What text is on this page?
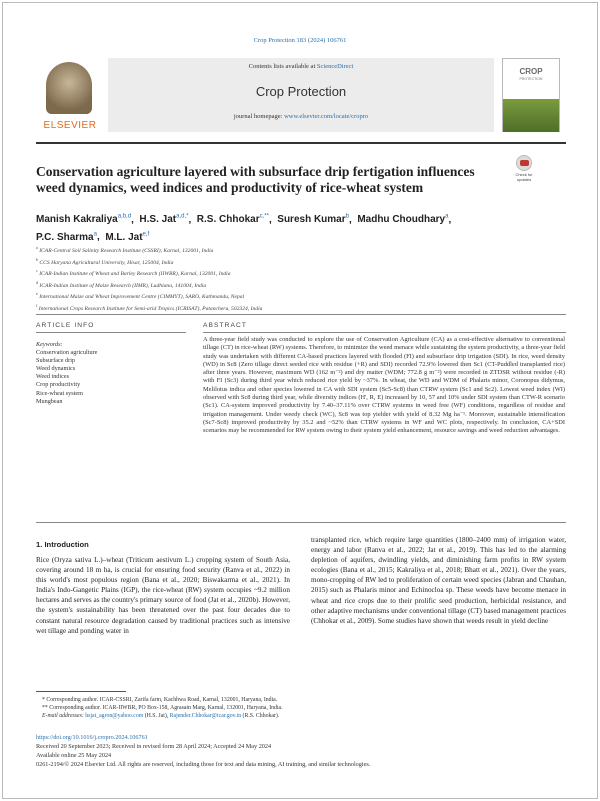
Crop Protection 183 (2024) 106761
ELSEVIER
Contents lists available at ScienceDirect
Crop Protection
journal homepage: www.elsevier.com/locate/cropro
CROP
PROTECTION
Conservation agriculture layered with subsurface drip fertigation influences weed dynamics, weed indices and productivity of rice-wheat system
Check for updates
Manish Kakraliya$^{a,b,d}$,  H.S. Jat$^{a,d,*}$,  R.S. Chhokar$^{c,**}$,  Suresh Kumar$^b$,  Madhu Choudhary$^a$,
P.C. Sharma$^a$,  M.L. Jat$^{e,f}$
$^a$ ICAR-Central Soil Salinity Research Institute (CSSRI), Karnal, 132001, India
$^b$ CCS Haryana Agricultural University, Hisar, 125004, India
$^c$ ICAR-Indian Institute of Wheat and Barley Research (IIWBR), Karnal, 132001, India
$^d$ ICAR-Indian Institute of Maize Research (IIMR), Ludhiana, 141004, India
$^e$ International Maize and Wheat Improvement Centre (CIMMYT), SARO, Kathmandu, Nepal
$^f$ International Crops Research Institute for Semi-arid Tropics (ICRISAT), Patancheru, 502324, India
ARTICLE INFO	ABSTRACT
Keywords:
Conservation agriculture
Subsurface drip
Weed dynamics
Weed indices
Crop productivity
Rice-wheat system
Mungbean
A three-year field study was conducted to explore the use of Conservation Agriculture (CA) as a cost-effective alternative to conventional tillage (CT) in rice-wheat (RW) systems. Therefore, to minimize the weed menace while sustaining the system productivity, a three-year field study was undertaken with different CA-based practices layered with flooded (FI) and subsurface drip irrigation (SDI). In rice, weed density (WD) in Sc8 (Zero tillage direct seeded rice with residue (+R) and SDI) recorded 72.9% lowered then Sc1 (CT-Puddled transplanted rice) after three years. However, maximum WD (162 m⁻²) and dry matter (WDM; 772.8 g m⁻²) were recorded in ZTDSR without residue (-R) with FI (Sc3) during third year which reduced rice yield by ~37%. In wheat, the WD and WDM of Phalaris minor, Coronopus didymus, Melilotus indica and other species lowered in CA with SDI system (Sc5-Sc8) than CTRW system (Sc1 and Sc2). Lowest weed index (WI) observed with Sc8 during third year, while diversity indices (H', R, E) increased by 10, 57 and 10% under SDI system than CTW-R scenario (Sc1). CA-system improved productivity by 7.40–37.11% over CTRW systems in weed free (WF) conditions, regardless of residue and irrigation management. Under weedy check (WC), Sc8 was top yielder with yield of 8.32 Mg ha⁻¹. Moreover, sustainable intensification (Sc7-Sc8) improved productivity by 35.2 and ~52% than CTRW systems in WF and WC plots, respectively. In conclusion, CA+SDI scenarios may be recommended for RW system owing to their system yield enhancement, resource savings and weed reduction advantages.
1. Introduction
Rice (Oryza sativa L.)–wheat (Triticum aestivum L.) cropping system of South Asia, covering around 18 m ha, is crucial for ensuring food security (Ranva et al., 2022) in this world's most populous region (Bana et al., 2020; Biswakarma et al., 2021). In India's Indo-Gangetic Plains (IGP), the rice-wheat (RW) system occupies ~9.2 million hectares and serves as the country's primary source of food (Jat et al., 2020b). However, the system's sustainability has been threatened over the past four decades due to constant natural resource degradation caused by traditional practices such as intensive wet tillage and ponding water in
transplanted rice, which require large quantities (1800–2400 mm) of irrigation water, energy and labor (Ranva et al., 2022; Jat et al., 2019). This has led to the alarming depletion of aquifers, dwindling yields, and diminishing farm profits in RW system ecologies (Bana et al., 2015; Kakraliya et al., 2018; Bhatt et al., 2021). Over the years, mono-cropping of RW led to proliferation of certain weed species (Jabran and Chauhan, 2015) such as Phalaris minor and Echinocloa sp. These weeds have become menace in wheat and rice crops due to their prolific seed production, herbicidal resistance, and other adaptive mechanisms under conventional tillage (CT) based management practices (Chhokar et al., 2009). Some studies have shown that weeds result in yield decline
* Corresponding author. ICAR-CSSRI, Zarifa farm, Kachhwa Road, Karnal, 132001, Haryana, India.
** Corresponding author. ICAR-IIWBR, PO Box-158, Agrasain Marg, Karnal, 132001, Haryana, India.
E-mail addresses: hsjat_agron@yahoo.com (H.S. Jat), Rajender.Chhokar@icar.gov.in (R.S. Chhokar).
https://doi.org/10.1016/j.cropro.2024.106761
Received 20 September 2023; Received in revised form 28 April 2024; Accepted 24 May 2024
Available online 25 May 2024
0261-2194/© 2024 Elsevier Ltd. All rights are reserved, including those for text and data mining, AI training, and similar technologies.
